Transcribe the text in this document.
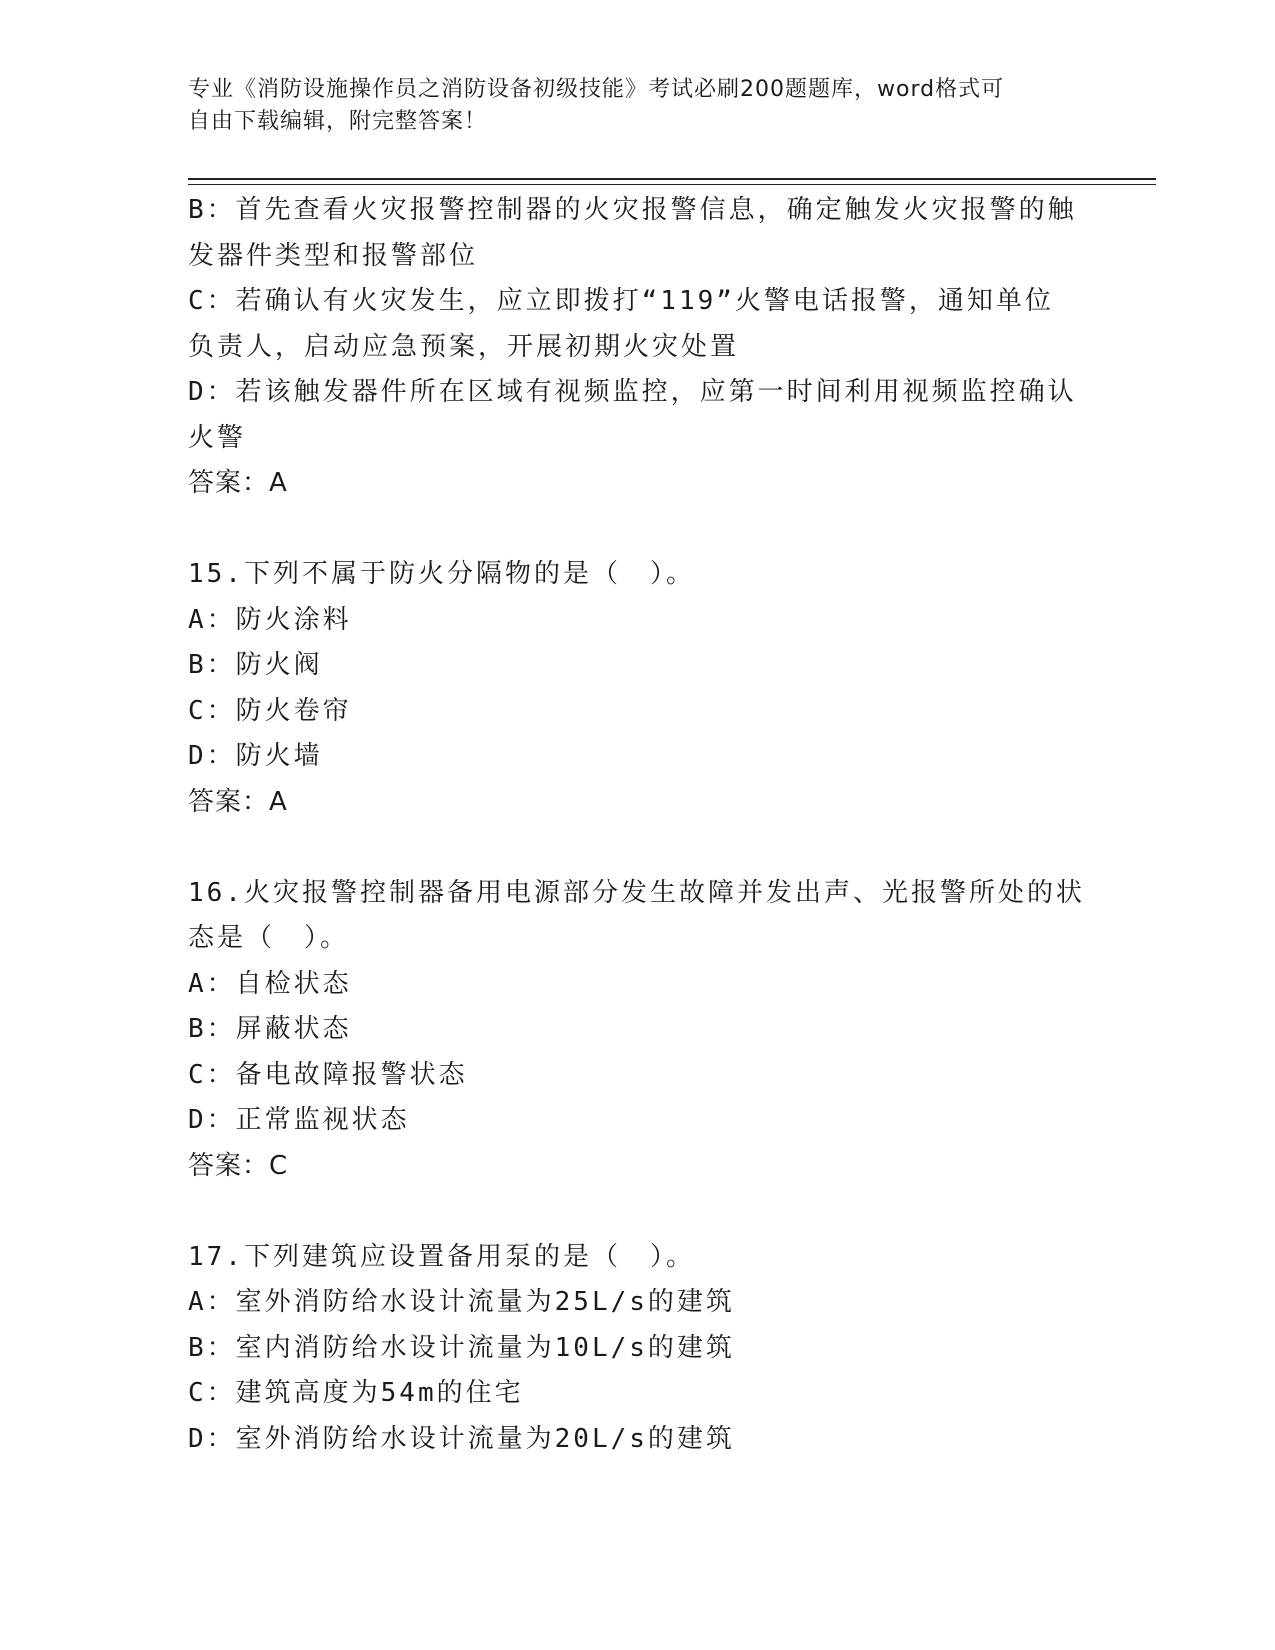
专业《消防设施操作员之消防设备初级技能》考试必刷200题题库，word格式可
自由下载编辑，附完整答案！
B：首先查看火灾报警控制器的火灾报警信息，确定触发火灾报警的触
发器件类型和报警部位
C：若确认有火灾发生，应立即拨打“119”火警电话报警，通知单位
负责人，启动应急预案，开展初期火灾处置
D：若该触发器件所在区域有视频监控，应第一时间利用视频监控确认
火警
答案：A
15.下列不属于防火分隔物的是（　）。
A：防火涂料
B：防火阀
C：防火卷帘
D：防火墙
答案：A
16.火灾报警控制器备用电源部分发生故障并发出声、光报警所处的状
态是（　）。
A：自检状态
B：屏蔽状态
C：备电故障报警状态
D：正常监视状态
答案：C
17.下列建筑应设置备用泵的是（　）。
A：室外消防给水设计流量为25L/s的建筑
B：室内消防给水设计流量为10L/s的建筑
C：建筑高度为54m的住宅
D：室外消防给水设计流量为20L/s的建筑
